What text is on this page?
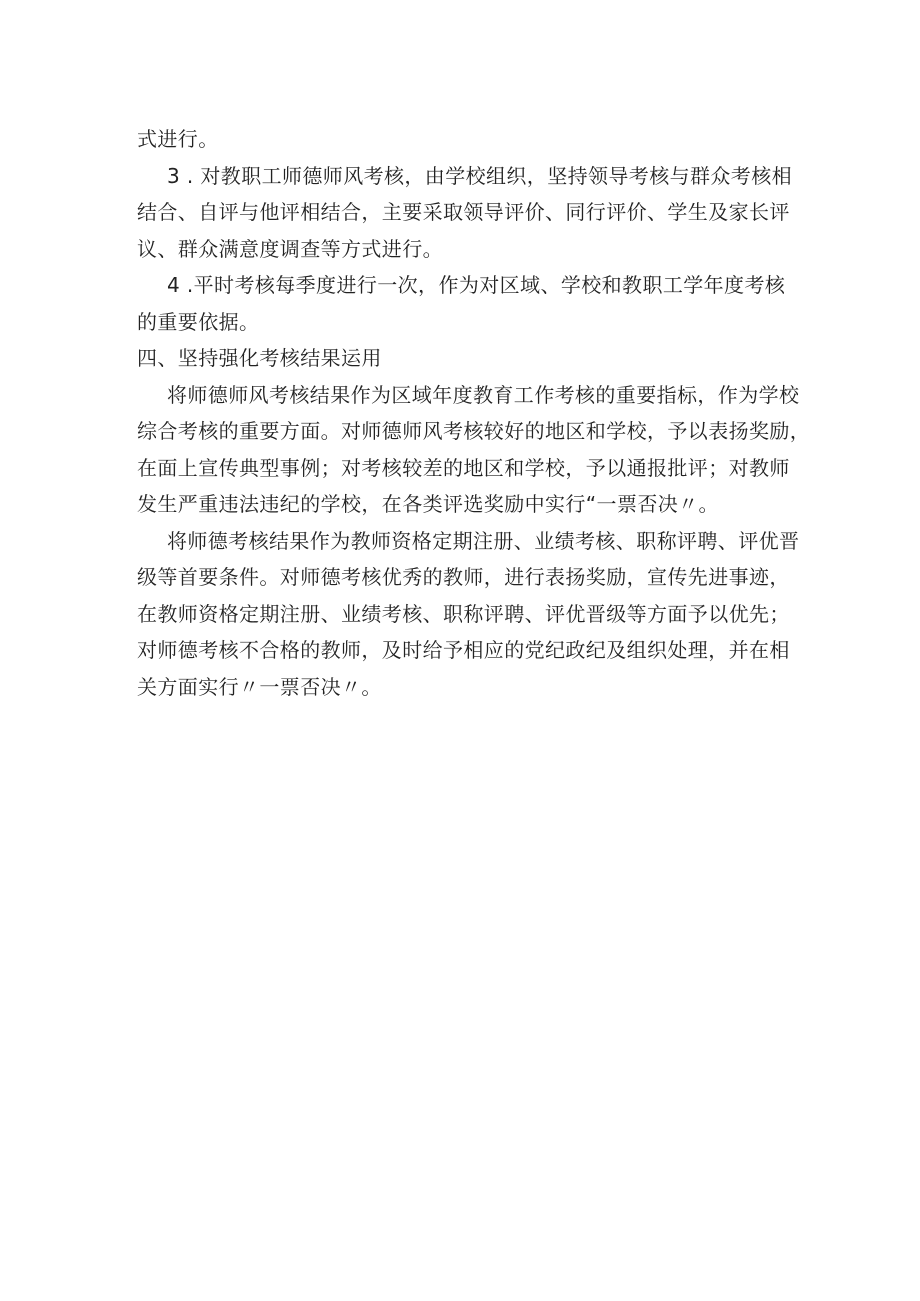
式进行。

3 . 对教职工师德师风考核，由学校组织，坚持领导考核与群众考核相
结合、自评与他评相结合，主要采取领导评价、同行评价、学生及家长评
议、群众满意度调查等方式进行。

4 .平时考核每季度进行一次，作为对区域、学校和教职工学年度考核
的重要依据。

四、坚持强化考核结果运用

将师德师风考核结果作为区域年度教育工作考核的重要指标，作为学校
综合考核的重要方面。对师德师风考核较好的地区和学校，予以表扬奖励，
在面上宣传典型事例；对考核较差的地区和学校，予以通报批评；对教师
发生严重违法违纪的学校，在各类评选奖励中实行“一票否决〃。

将师德考核结果作为教师资格定期注册、业绩考核、职称评聘、评优晋
级等首要条件。对师德考核优秀的教师，进行表扬奖励，宣传先进事迹，
在教师资格定期注册、业绩考核、职称评聘、评优晋级等方面予以优先；
对师德考核不合格的教师，及时给予相应的党纪政纪及组织处理，并在相
关方面实行〃一票否决〃。
